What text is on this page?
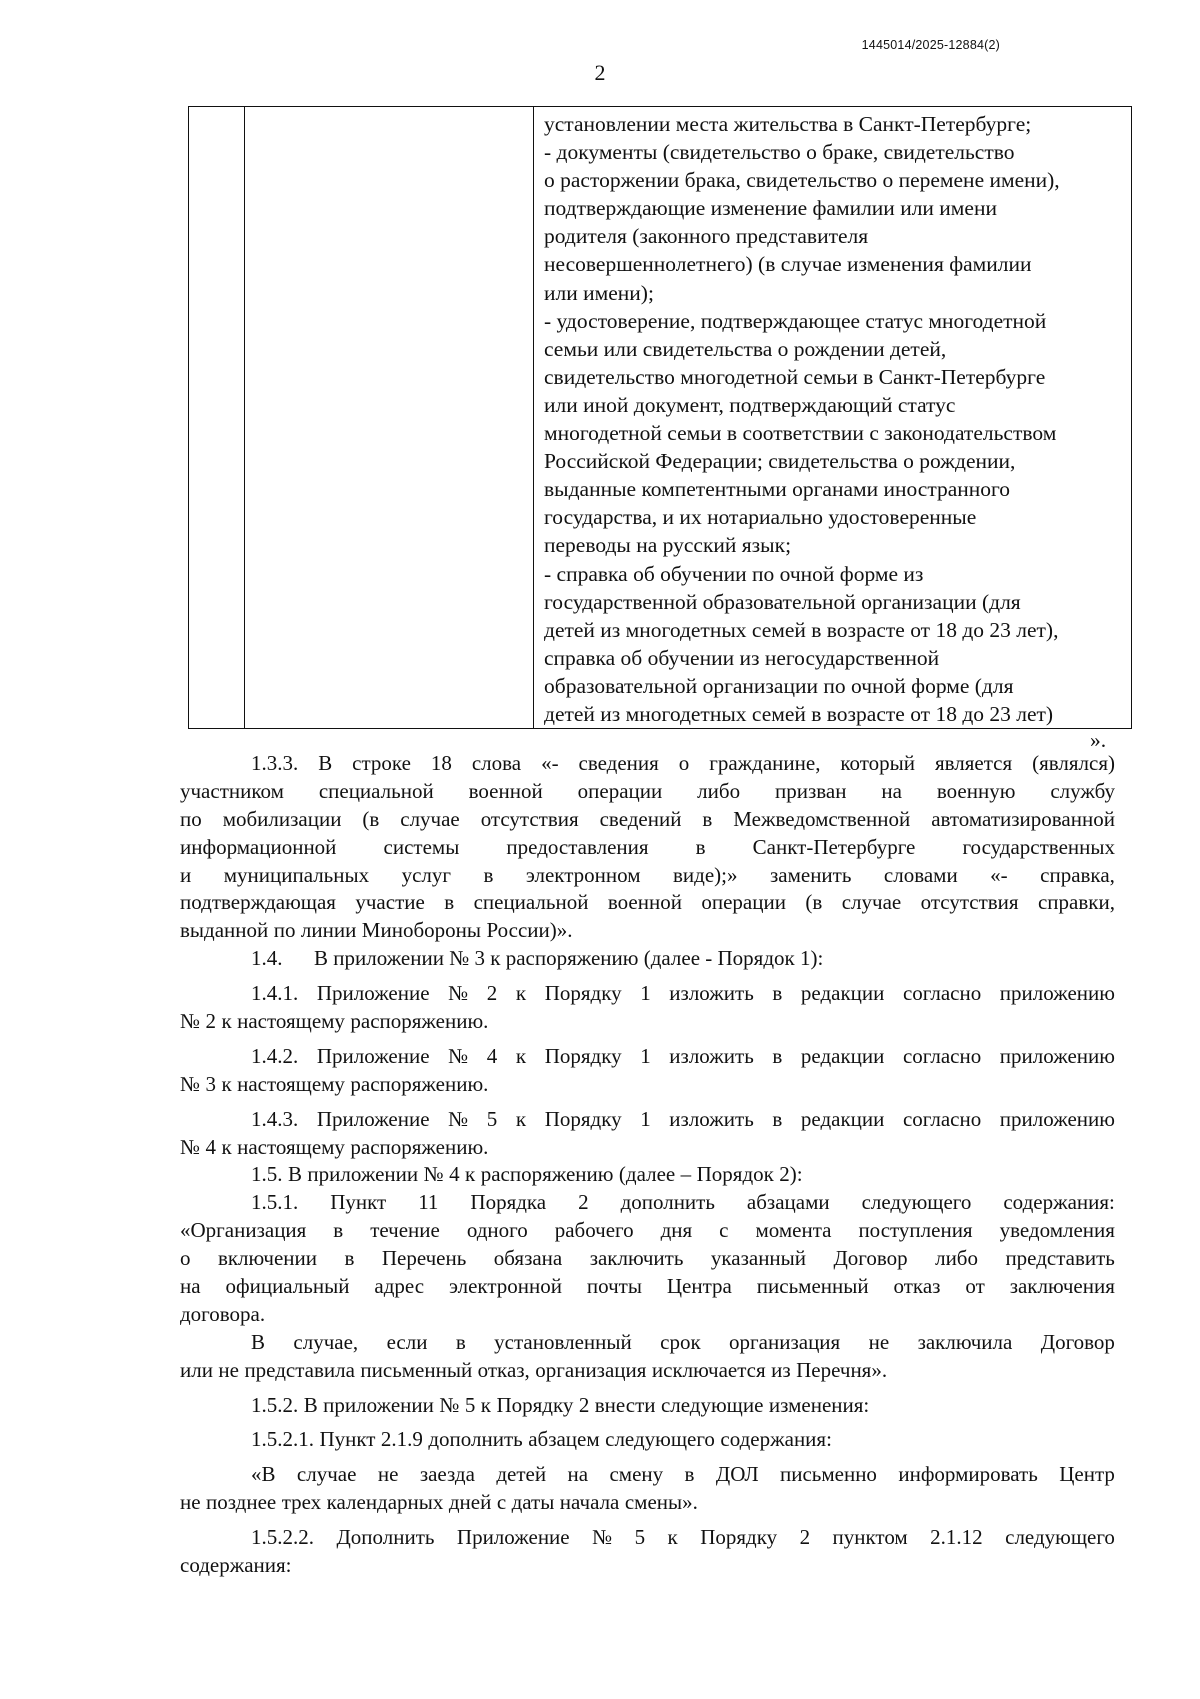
1445014/2025-12884(2)
2

установлении места жительства в Санкт-Петербурге;
- документы (свидетельство о браке, свидетельство
о расторжении брака, свидетельство о перемене имени),
подтверждающие изменение фамилии или имени
родителя (законного представителя
несовершеннолетнего) (в случае изменения фамилии
или имени);
- удостоверение, подтверждающее статус многодетной
семьи или свидетельства о рождении детей,
свидетельство многодетной семьи в Санкт-Петербурге
или иной документ, подтверждающий статус
многодетной семьи в соответствии с законодательством
Российской Федерации; свидетельства о рождении,
выданные компетентными органами иностранного
государства, и их нотариально удостоверенные
переводы на русский язык;
- справка об обучении по очной форме из
государственной образовательной организации (для
детей из многодетных семей в возрасте от 18 до 23 лет),
справка об обучении из негосударственной
образовательной организации по очной форме (для
детей из многодетных семей в возрасте от 18 до 23 лет)
».
1.3.3. В строке 18 слова «- сведения о гражданине, который является (являлся)
участником специальной военной операции либо призван на военную службу
по мобилизации (в случае отсутствия сведений в Межведомственной автоматизированной
информационной системы предоставления в Санкт-Петербурге государственных
и муниципальных услуг в электронном виде);» заменить словами «- справка,
подтверждающая участие в специальной военной операции (в случае отсутствия справки,
выданной по линии Минобороны России)».
1.4.      В приложении № 3 к распоряжению (далее - Порядок 1):
1.4.1. Приложение № 2 к Порядку 1 изложить в редакции согласно приложению
№ 2 к настоящему распоряжению.
1.4.2. Приложение № 4 к Порядку 1 изложить в редакции согласно приложению
№ 3 к настоящему распоряжению.
1.4.3. Приложение № 5 к Порядку 1 изложить в редакции согласно приложению
№ 4 к настоящему распоряжению.
1.5. В приложении № 4 к распоряжению (далее – Порядок 2):
1.5.1. Пункт 11 Порядка 2 дополнить абзацами следующего содержания:
«Организация в течение одного рабочего дня с момента поступления уведомления
о включении в Перечень обязана заключить указанный Договор либо представить
на официальный адрес электронной почты Центра письменный отказ от заключения
договора.
В случае, если в установленный срок организация не заключила Договор
или не представила письменный отказ, организация исключается из Перечня».
1.5.2. В приложении № 5 к Порядку 2 внести следующие изменения:
1.5.2.1. Пункт 2.1.9 дополнить абзацем следующего содержания:
«В случае не заезда детей на смену в ДОЛ письменно информировать Центр
не позднее трех календарных дней с даты начала смены».
1.5.2.2. Дополнить Приложение № 5 к Порядку 2 пунктом 2.1.12 следующего
содержания:
